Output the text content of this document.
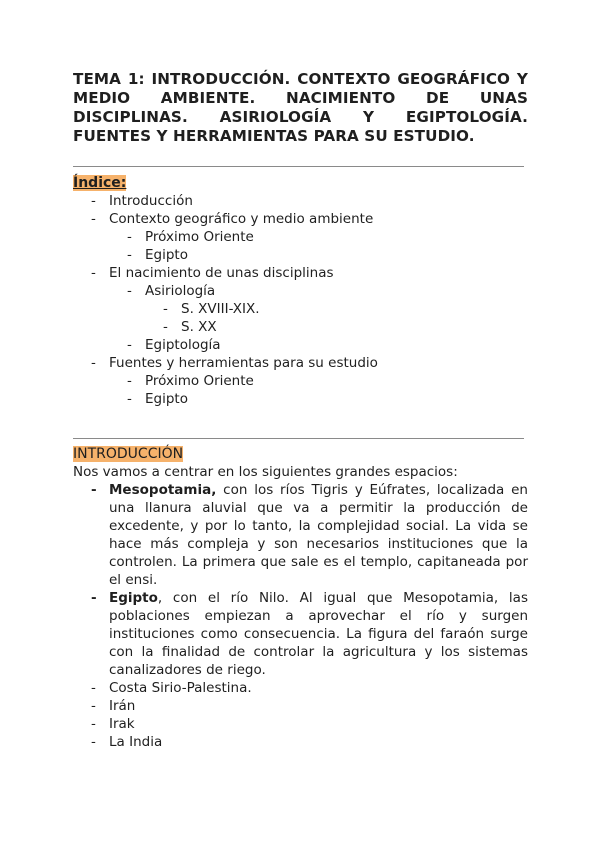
TEMA 1: INTRODUCCIÓN. CONTEXTO GEOGRÁFICO Y MEDIO AMBIENTE. NACIMIENTO DE UNAS DISCIPLINAS. ASIRIOLOGÍA Y EGIPTOLOGÍA. FUENTES Y HERRAMIENTAS PARA SU ESTUDIO.
Índice:
- Introducción
- Contexto geográfico y medio ambiente
- Próximo Oriente
- Egipto
- El nacimiento de unas disciplinas
- Asiriología
- S. XVIII-XIX.
- S. XX
- Egiptología
- Fuentes y herramientas para su estudio
- Próximo Oriente
- Egipto
INTRODUCCIÓN

Nos vamos a centrar en los siguientes grandes espacios:

- Mesopotamia, con los ríos Tigris y Eúfrates, localizada en una llanura aluvial que va a permitir la producción de excedente, y por lo tanto, la complejidad social. La vida se hace más compleja y son necesarios instituciones que la controlen. La primera que sale es el templo, capitaneada por el ensi.
- Egipto, con el río Nilo. Al igual que Mesopotamia, las poblaciones empiezan a aprovechar el río y surgen instituciones como consecuencia. La figura del faraón surge con la finalidad de controlar la agricultura y los sistemas canalizadores de riego.
- Costa Sirio-Palestina.
- Irán
- Irak
- La India
